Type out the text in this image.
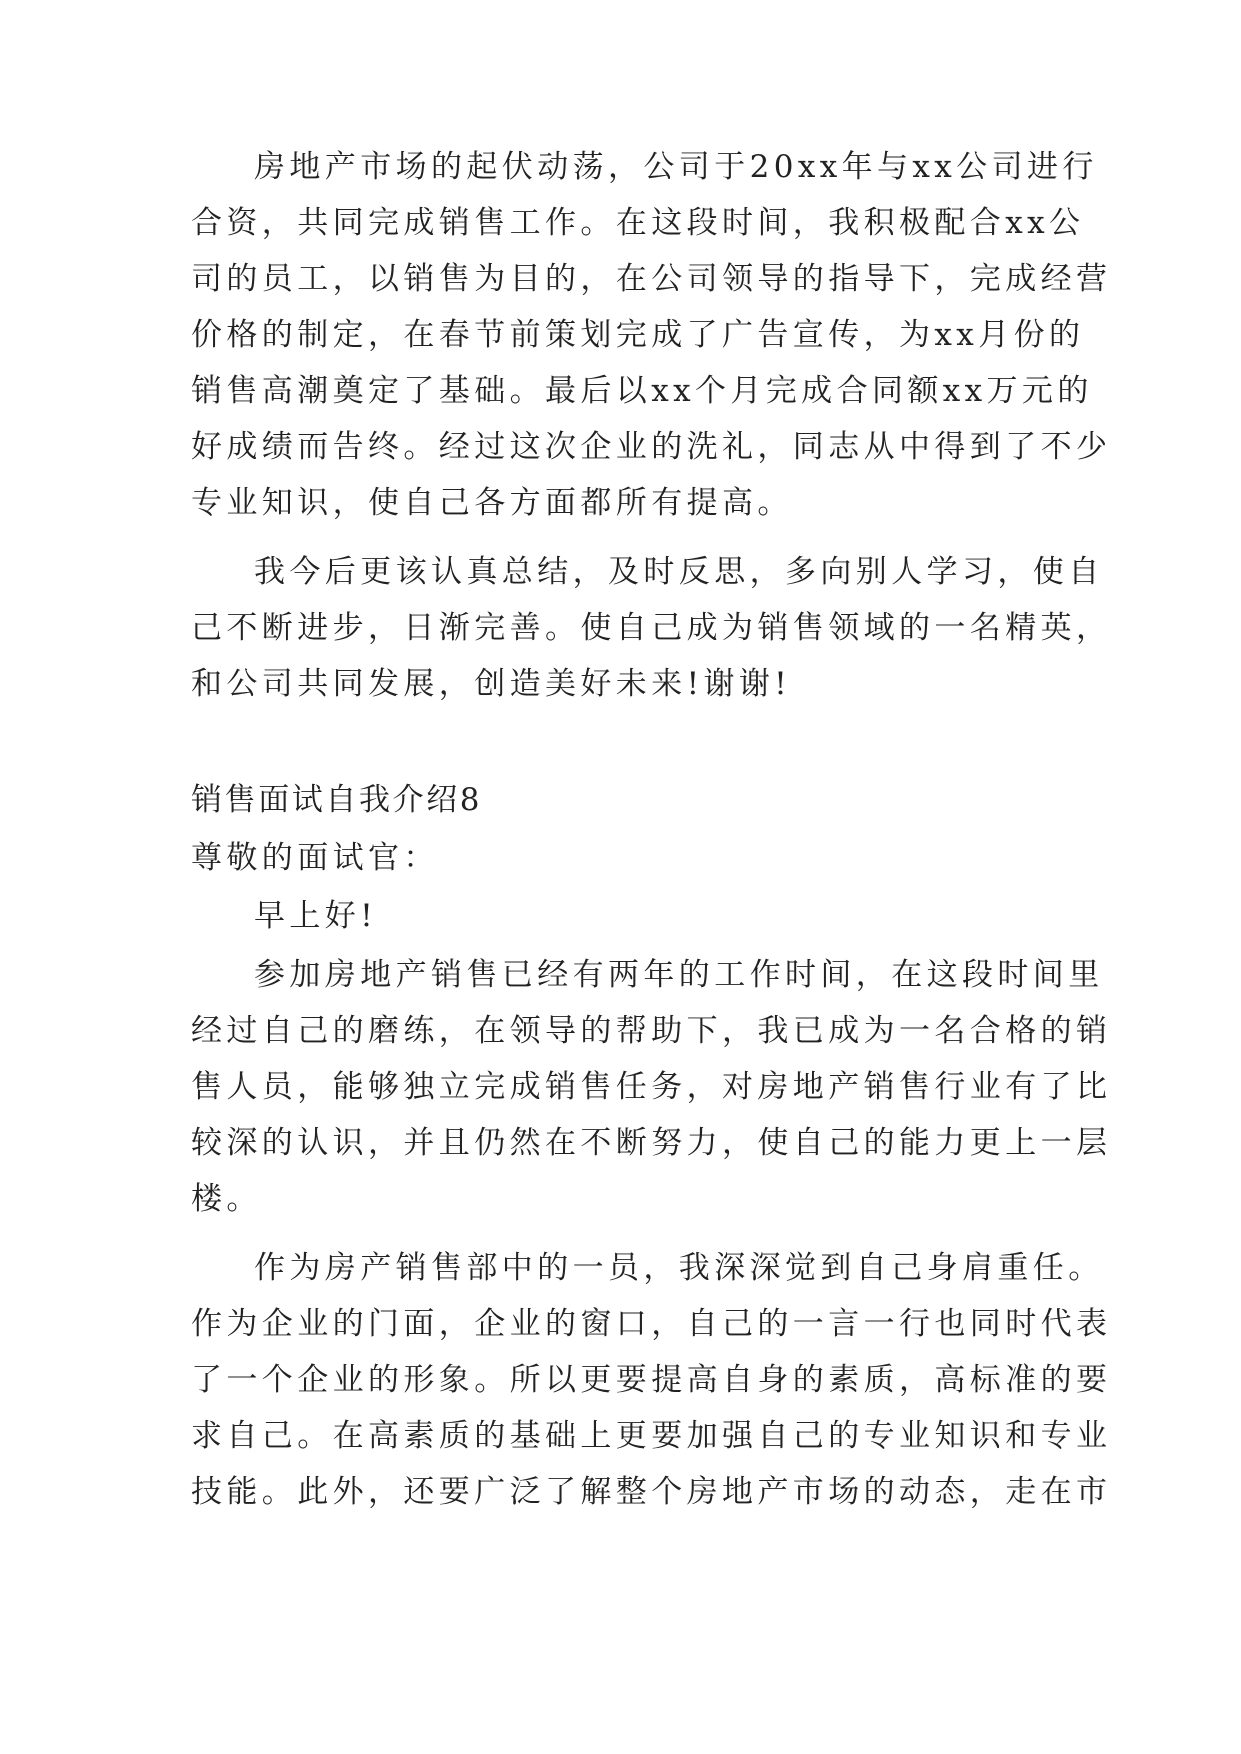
房地产市场的起伏动荡，公司于20xx年与xx公司进行
合资，共同完成销售工作。在这段时间，我积极配合xx公
司的员工，以销售为目的，在公司领导的指导下，完成经营
价格的制定，在春节前策划完成了广告宣传，为xx月份的
销售高潮奠定了基础。最后以xx个月完成合同额xx万元的
好成绩而告终。经过这次企业的洗礼，同志从中得到了不少
专业知识，使自己各方面都所有提高。
我今后更该认真总结，及时反思，多向别人学习，使自
己不断进步，日渐完善。使自己成为销售领域的一名精英，
和公司共同发展，创造美好未来!谢谢!
销售面试自我介绍8
尊敬的面试官：
早上好!
参加房地产销售已经有两年的工作时间，在这段时间里
经过自己的磨练，在领导的帮助下，我已成为一名合格的销
售人员，能够独立完成销售任务，对房地产销售行业有了比
较深的认识，并且仍然在不断努力，使自己的能力更上一层
楼。
作为房产销售部中的一员，我深深觉到自己身肩重任。
作为企业的门面，企业的窗口，自己的一言一行也同时代表
了一个企业的形象。所以更要提高自身的素质，高标准的要
求自己。在高素质的基础上更要加强自己的专业知识和专业
技能。此外，还要广泛了解整个房地产市场的动态，走在市
